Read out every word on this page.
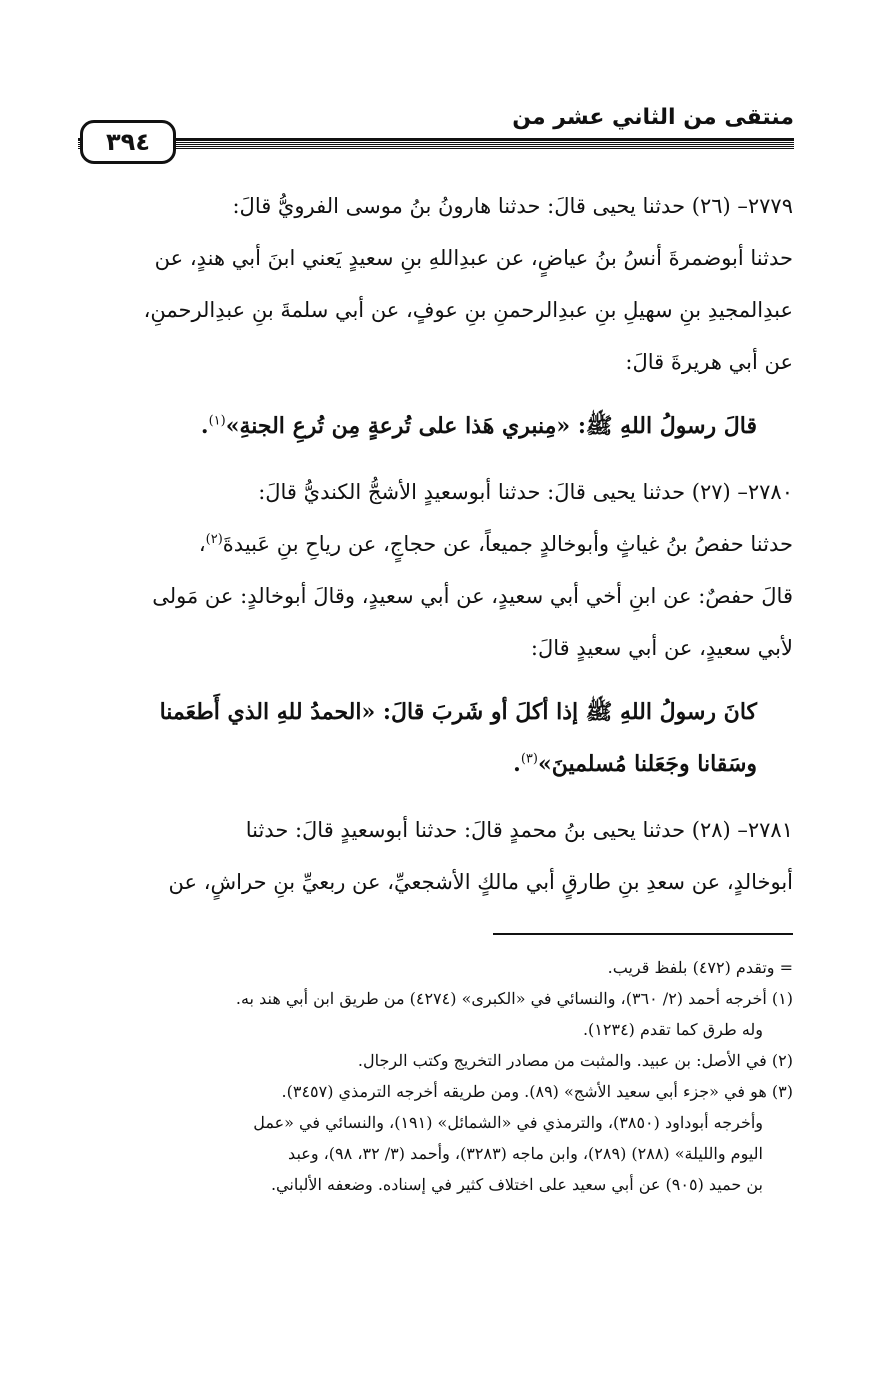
منتقى من الثاني عشر من
٣٩٤

٢٧٧٩– (٢٦) حدثنا يحيى قالَ: حدثنا هارونُ بنُ موسى الفرويُّ قالَ:
حدثنا أبوضمرةَ أنسُ بنُ عياضٍ، عن عبدِاللهِ بنِ سعيدٍ يَعني ابنَ أبي هندٍ، عن
عبدِالمجيدِ بنِ سهيلِ بنِ عبدِالرحمنِ بنِ عوفٍ، عن أبي سلمةَ بنِ عبدِالرحمنِ،
عن أبي هريرةَ قالَ:

قالَ رسولُ اللهِ ﷺ: «مِنبري هَذا على تُرعةٍ مِن تُرعِ الجنةِ»$^{(١)}$.

٢٧٨٠– (٢٧) حدثنا يحيى قالَ: حدثنا أبوسعيدٍ الأشجُّ الكنديُّ قالَ:
حدثنا حفصُ بنُ غياثٍ وأبوخالدٍ جميعاً، عن حجاجٍ، عن رياحِ بنِ عَبيدةَ$^{(٢)}$،
قالَ حفصٌ: عن ابنِ أخي أبي سعيدٍ، عن أبي سعيدٍ، وقالَ أبوخالدٍ: عن مَولى
لأبي سعيدٍ، عن أبي سعيدٍ قالَ:

كانَ رسولُ اللهِ ﷺ إذا أكلَ أو شَربَ قالَ: «الحمدُ للهِ الذي أَطعَمنا
وسَقانا وجَعَلنا مُسلمينَ»$^{(٣)}$.

٢٧٨١– (٢٨) حدثنا يحيى بنُ محمدٍ قالَ: حدثنا أبوسعيدٍ قالَ: حدثنا
أبوخالدٍ، عن سعدِ بنِ طارقٍ أبي مالكٍ الأشجعيِّ، عن ربعيِّ بنِ حراشٍ، عن

= وتقدم (٤٧٢) بلفظ قريب.

(١) أخرجه أحمد (٢/ ٣٦٠)، والنسائي في «الكبرى» (٤٢٧٤) من طريق ابن أبي هند به.

وله طرق كما تقدم (١٢٣٤).

(٢) في الأصل: بن عبيد. والمثبت من مصادر التخريج وكتب الرجال.

(٣) هو في «جزء أبي سعيد الأشج» (٨٩). ومن طريقه أخرجه الترمذي (٣٤٥٧).

وأخرجه أبوداود (٣٨٥٠)، والترمذي في «الشمائل» (١٩١)، والنسائي في «عمل

اليوم والليلة» (٢٨٨) (٢٨٩)، وابن ماجه (٣٢٨٣)، وأحمد (٣/ ٣٢، ٩٨)، وعبد

بن حميد (٩٠٥) عن أبي سعيد على اختلاف كثير في إسناده. وضعفه الألباني.
